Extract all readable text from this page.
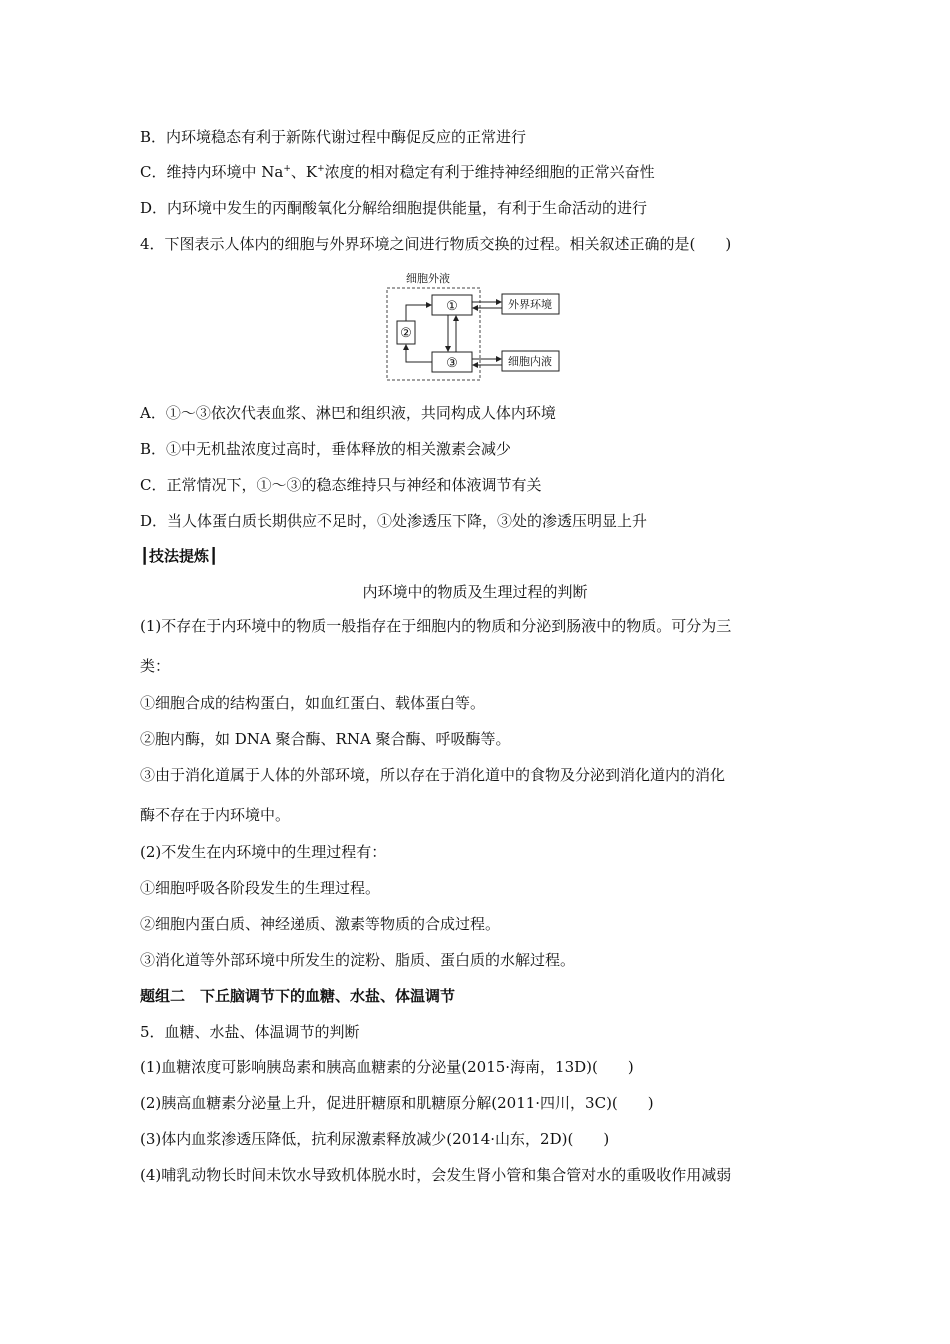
B．内环境稳态有利于新陈代谢过程中酶促反应的正常进行
C．维持内环境中 Na+、K+浓度的相对稳定有利于维持神经细胞的正常兴奋性
D．内环境中发生的丙酮酸氧化分解给细胞提供能量，有利于生命活动的进行
4．下图表示人体内的细胞与外界环境之间进行物质交换的过程。相关叙述正确的是(　　)
细胞外液
①
②
③
外界环境
细胞内液
A．①～③依次代表血浆、淋巴和组织液，共同构成人体内环境
B．①中无机盐浓度过高时，垂体释放的相关激素会减少
C．正常情况下，①～③的稳态维持只与神经和体液调节有关
D．当人体蛋白质长期供应不足时，①处渗透压下降，③处的渗透压明显上升
┃技法提炼┃
内环境中的物质及生理过程的判断
(1)不存在于内环境中的物质一般指存在于细胞内的物质和分泌到肠液中的物质。可分为三
类：
①细胞合成的结构蛋白，如血红蛋白、载体蛋白等。
②胞内酶，如 DNA 聚合酶、RNA 聚合酶、呼吸酶等。
③由于消化道属于人体的外部环境，所以存在于消化道中的食物及分泌到消化道内的消化
酶不存在于内环境中。
(2)不发生在内环境中的生理过程有：
①细胞呼吸各阶段发生的生理过程。
②细胞内蛋白质、神经递质、激素等物质的合成过程。
③消化道等外部环境中所发生的淀粉、脂质、蛋白质的水解过程。
题组二　下丘脑调节下的血糖、水盐、体温调节
5．血糖、水盐、体温调节的判断
(1)血糖浓度可影响胰岛素和胰高血糖素的分泌量(2015·海南，13D)(　　)
(2)胰高血糖素分泌量上升，促进肝糖原和肌糖原分解(2011·四川，3C)(　　)
(3)体内血浆渗透压降低，抗利尿激素释放减少(2014·山东，2D)(　　)
(4)哺乳动物长时间未饮水导致机体脱水时，会发生肾小管和集合管对水的重吸收作用减弱
